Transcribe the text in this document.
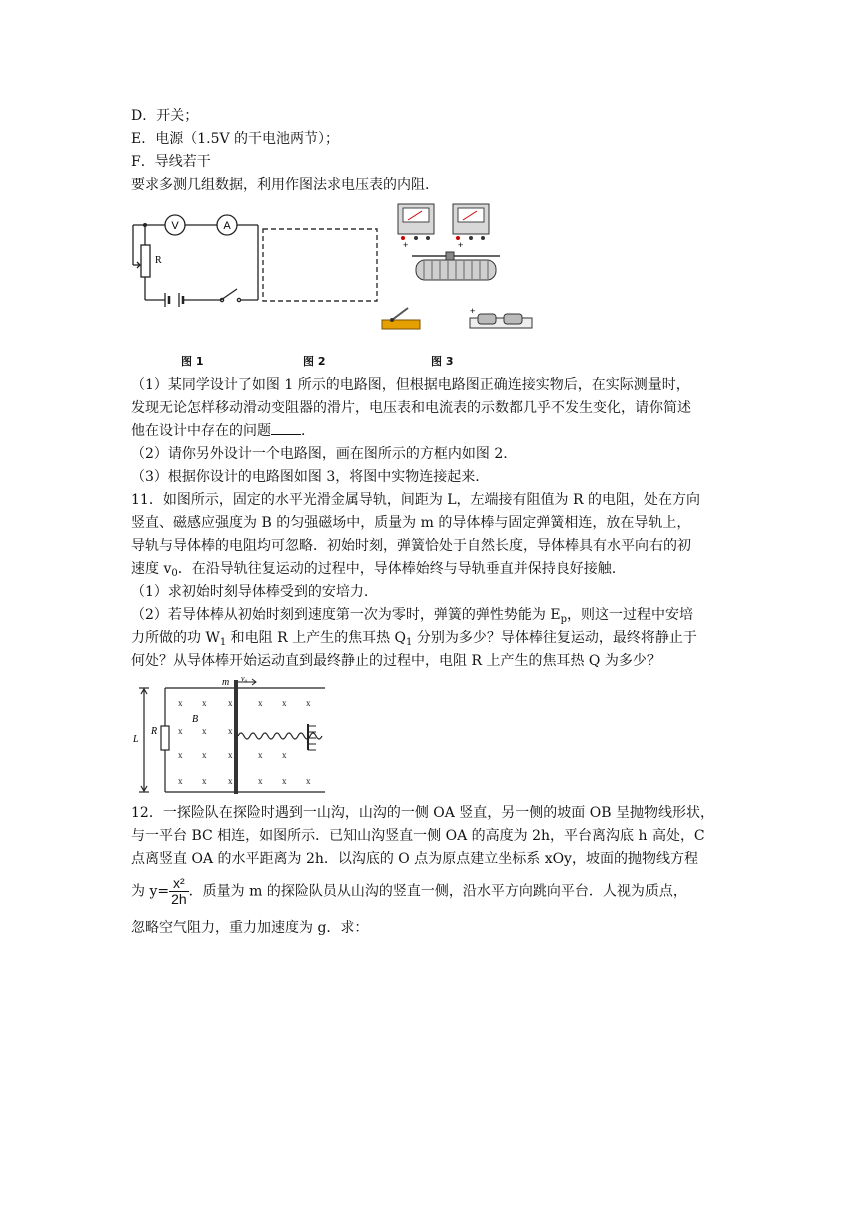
D．开关；
E．电源（1.5V 的干电池两节）；
F．导线若干
要求多测几组数据，利用作图法求电压表的内阻.
V	A
R
+	+
+
图 1	图 2	图 3
（1）某同学设计了如图 1 所示的电路图，但根据电路图正确连接实物后，在实际测量时，
发现无论怎样移动滑动变阻器的滑片，电压表和电流表的示数都几乎不发生变化，请你简述
他在设计中存在的问题 .
（2）请你另外设计一个电路图，画在图所示的方框内如图 2.
（3）根据你设计的电路图如图 3，将图中实物连接起来.
11．如图所示，固定的水平光滑金属导轨，间距为 L，左端接有阻值为 R 的电阻，处在方向
竖直、磁感应强度为 B 的匀强磁场中，质量为 m 的导体棒与固定弹簧相连，放在导轨上，
导轨与导体棒的电阻均可忽略．初始时刻，弹簧恰处于自然长度，导体棒具有水平向右的初
速度 $v_0$．在沿导轨往复运动的过程中，导体棒始终与导轨垂直并保持良好接触.
（1）求初始时刻导体棒受到的安培力.
（2）若导体棒从初始时刻到速度第一次为零时，弹簧的弹性势能为 $E_p$，则这一过程中安培
力所做的功 $W_1$ 和电阻 R 上产生的焦耳热 $Q_1$ 分别为多少？导体棒往复运动，最终将静止于
何处？从导体棒开始运动直到最终静止的过程中，电阻 R 上产生的焦耳热 Q 为多少？
x x x	x x x
x x x
x x x	x x
x x x	x x x
m v₀
B
L
R
12．一探险队在探险时遇到一山沟，山沟的一侧 OA 竖直，另一侧的坡面 OB 呈抛物线形状，
与一平台 BC 相连，如图所示．已知山沟竖直一侧 OA 的高度为 2h，平台离沟底 h 高处，C
点离竖直 OA 的水平距离为 2h．以沟底的 O 点为原点建立坐标系 xOy，坡面的抛物线方程
为 $y= \frac{\text{x²}}{2h}$ ．质量为 m 的探险队员从山沟的竖直一侧，沿水平方向跳向平台．人视为质点，
忽略空气阻力，重力加速度为 g．求：
